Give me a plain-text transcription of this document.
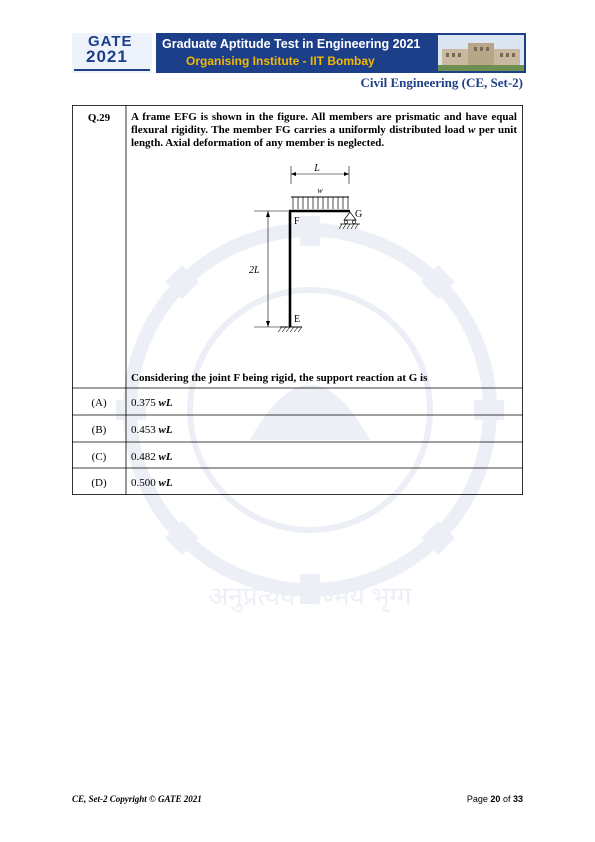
GATE
2021
Graduate Aptitude Test in Engineering 2021
Organising Institute - IIT Bombay
Civil Engineering (CE, Set-2)
अनुप्रत्यय कण्मय भृग्ग
Q.29	A frame EFG is shown in the figure. All members are prismatic and have equal flexural rigidity. The member FG carries a uniformly distributed load w per unit length. Axial deformation of any member is neglected.
L
w
F
G
E
2L
Considering the joint F being rigid, the support reaction at G is
(A)	0.375 wL
(B)	0.453 wL
(C)	0.482 wL
(D)	0.500 wL
CE, Set-2 Copyright © GATE 2021	Page 20 of 33
